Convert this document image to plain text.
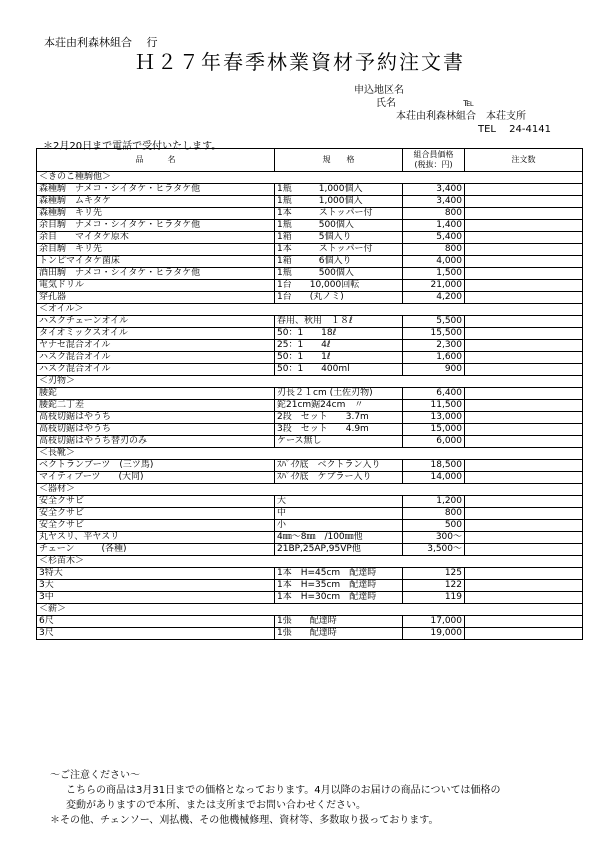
本荘由利森林組合　 行
Ｈ２７年春季林業資材予約注文書
申込地区名
氏名	℡
本荘由利森林組合　本荘支所
TEL　 24-4141
＊2月20日まで電話で受付いたします。
品　　　名	規　　格	組合員価格
(税抜：円)	注文数
＜きのこ種駒他＞			
森種駒　ナメコ・シイタケ・ヒラタケ他	1瓶　　　1,000個入	3,400	
森種駒　ムキタケ	1瓶　　　1,000個入	3,400	
森種駒　キリ先	1本　　　ストッパー付	800	
余目駒　ナメコ・シイタケ・ヒラタケ他	1瓶　　　500個入	1,400	
余目　　マイタケ原木	1箱　　　5個入り	5,400	
余目駒　キリ先	1本　　　ストッパー付	800	
トンピマイタケ菌床	1箱　　　6個入り	4,000	
酒田駒　ナメコ・シイタケ・ヒラタケ他	1瓶　　　500個入	1,500	
電気ドリル	1台　　10,000回転	21,000	
穿孔器	1台　　(丸ノミ)	4,200	
＜オイル＞			
ハスクチェーンオイル	春用、秋用　１８ℓ	5,500	
タイオミックスオイル	50：1　　18ℓ	15,500	
ヤナセ混合オイル	25：1　　4ℓ	2,300	
ハスク混合オイル	50：1　　1ℓ	1,600	
ハスク混合オイル	50：1　　400ml	900	
＜刃物＞			
腰鉈	刃長２１cm (土佐刃物)	6,400	
腰鉈二丁差	鉈21cm鋸24cm　〃	11,500	
高枝切鋸はやうち	2段　セット　　3.7m	13,000	
高枝切鋸はやうち	3段　セット　　4.9m	15,000	
高枝切鋸はやうち替刃のみ	ケース無し	6,000	
＜長靴＞			
ベクトランブーツ　(三ツ馬)	ｽﾊﾟｲｸ底　ベクトラン入り	18,500	
マイティブーツ　　(大同)	ｽﾊﾟｲｸ底　ケブラー入り	14,000	
＜器材＞			
安全クサビ	大	1,200	
安全クサビ	中	800	
安全クサビ	小	500	
丸ヤスリ、平ヤスリ	4㎜～8㎜　/100㎜他	300～	
チェーン　　　(各種)	21BP,25AP,95VP他	3,500～	
＜杉苗木＞			
3特大	1本　H=45cm　配達時	125	
3大	1本　H=35cm　配達時	122	
3中	1本　H=30cm　配達時	119	
＜薪＞			
6尺	1張　　配達時	17,000	
3尺	1張　　配達時	19,000	
～ご注意ください～
こちらの商品は3月31日までの価格となっております。4月以降のお届けの商品については価格の
変動がありますので本所、または支所までお問い合わせください。
＊その他、チェンソー、刈払機、その他機械修理、資材等、多数取り扱っております。
